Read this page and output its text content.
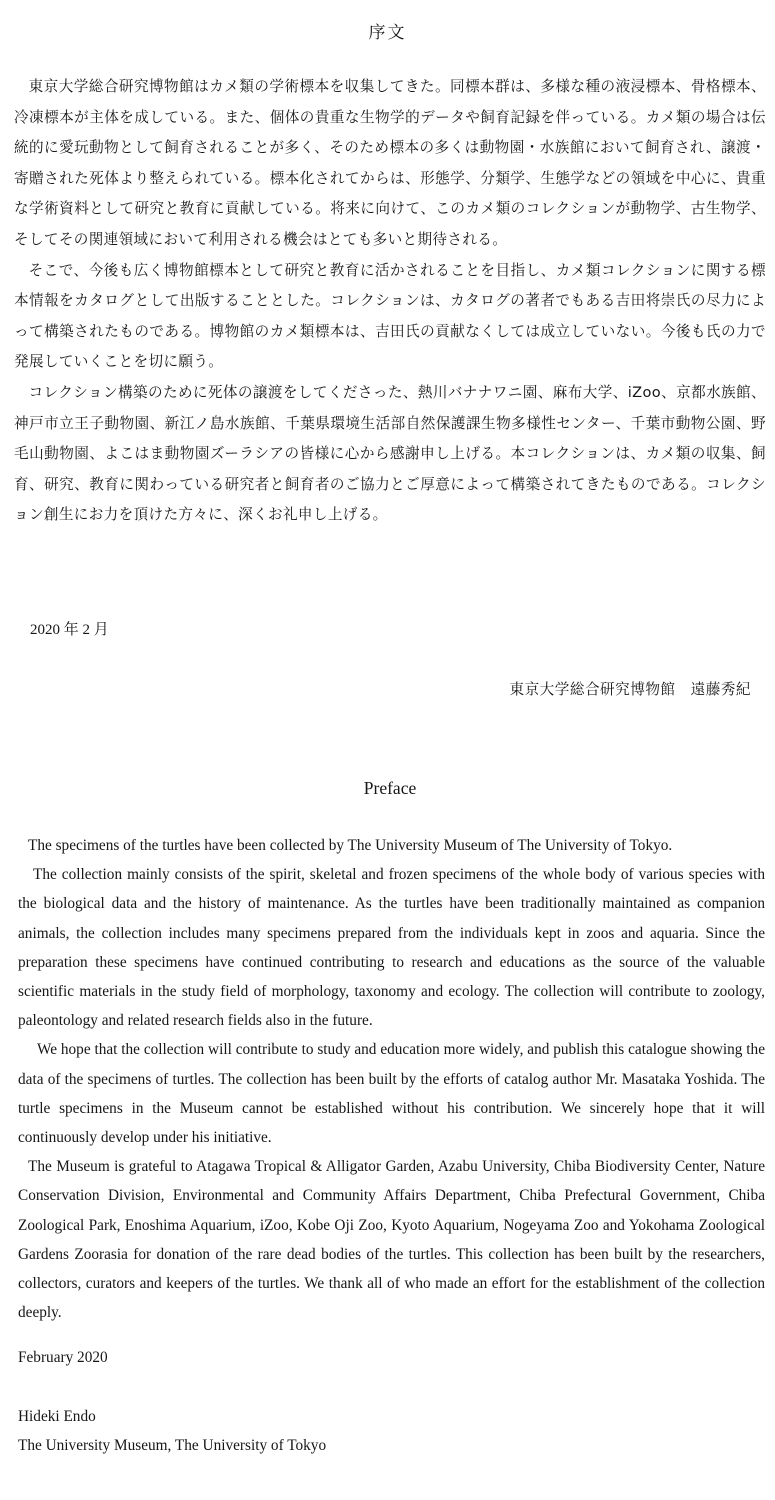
序文

東京大学総合研究博物館はカメ類の学術標本を収集してきた。同標本群は、多様な種の液浸標本、骨格標本、冷凍標本が主体を成している。また、個体の貴重な生物学的データや飼育記録を伴っている。カメ類の場合は伝統的に愛玩動物として飼育されることが多く、そのため標本の多くは動物園・水族館において飼育され、譲渡・寄贈された死体より整えられている。標本化されてからは、形態学、分類学、生態学などの領域を中心に、貴重な学術資料として研究と教育に貢献している。将来に向けて、このカメ類のコレクションが動物学、古生物学、そしてその関連領域において利用される機会はとても多いと期待される。

そこで、今後も広く博物館標本として研究と教育に活かされることを目指し、カメ類コレクションに関する標本情報をカタログとして出版することとした。コレクションは、カタログの著者でもある吉田将崇氏の尽力によって構築されたものである。博物館のカメ類標本は、吉田氏の貢献なくしては成立していない。今後も氏の力で発展していくことを切に願う。

コレクション構築のために死体の譲渡をしてくださった、熱川バナナワニ園、麻布大学、iZoo、京都水族館、神戸市立王子動物園、新江ノ島水族館、千葉県環境生活部自然保護課生物多様性センター、千葉市動物公園、野毛山動物園、よこはま動物園ズーラシアの皆様に心から感謝申し上げる。本コレクションは、カメ類の収集、飼育、研究、教育に関わっている研究者と飼育者のご協力とご厚意によって構築されてきたものである。コレクション創生にお力を頂けた方々に、深くお礼申し上げる。

2020 年 2 月
東京大学総合研究博物館　遠藤秀紀
Preface

The specimens of the turtles have been collected by The University Museum of The University of Tokyo.

The collection mainly consists of the spirit, skeletal and frozen specimens of the whole body of various species with the biological data and the history of maintenance. As the turtles have been traditionally maintained as companion animals, the collection includes many specimens prepared from the individuals kept in zoos and aquaria. Since the preparation these specimens have continued contributing to research and educations as the source of the valuable scientific materials in the study field of morphology, taxonomy and ecology. The collection will contribute to zoology, paleontology and related research fields also in the future.

We hope that the collection will contribute to study and education more widely, and publish this catalogue showing the data of the specimens of turtles. The collection has been built by the efforts of catalog author Mr. Masataka Yoshida. The turtle specimens in the Museum cannot be established without his contribution. We sincerely hope that it will continuously develop under his initiative.

The Museum is grateful to Atagawa Tropical & Alligator Garden, Azabu University, Chiba Biodiversity Center, Nature Conservation Division, Environmental and Community Affairs Department, Chiba Prefectural Government, Chiba Zoological Park, Enoshima Aquarium, iZoo, Kobe Oji Zoo, Kyoto Aquarium, Nogeyama Zoo and Yokohama Zoological Gardens Zoorasia for donation of the rare dead bodies of the turtles. This collection has been built by the researchers, collectors, curators and keepers of the turtles. We thank all of who made an effort for the establishment of the collection deeply.

February 2020
Hideki Endo
The University Museum, The University of Tokyo
